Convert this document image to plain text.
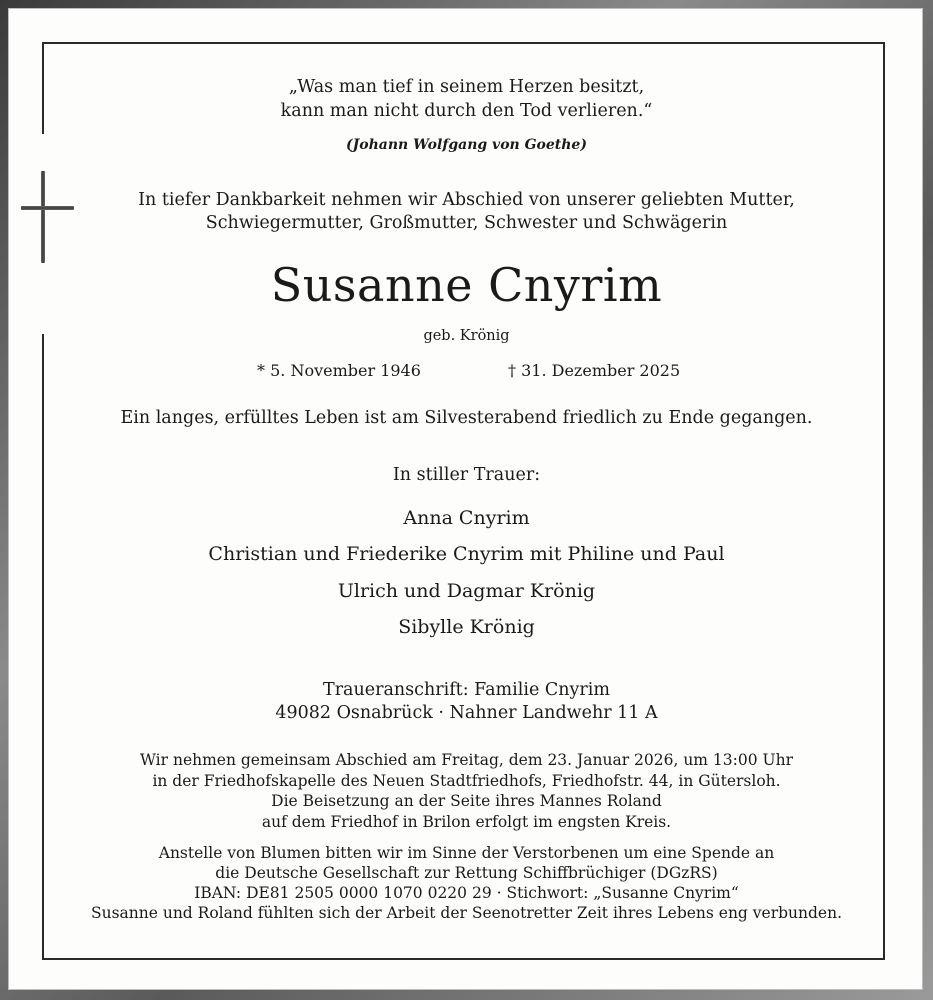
„Was man tief in seinem Herzen besitzt,
kann man nicht durch den Tod verlieren.“
(Johann Wolfgang von Goethe)
In tiefer Dankbarkeit nehmen wir Abschied von unserer geliebten Mutter,
Schwiegermutter, Großmutter, Schwester und Schwägerin
Susanne Cnyrim
geb. Krönig
* 5. November 1946	† 31. Dezember 2025
Ein langes, erfülltes Leben ist am Silvesterabend friedlich zu Ende gegangen.
In stiller Trauer:
Anna Cnyrim
Christian und Friederike Cnyrim mit Philine und Paul
Ulrich und Dagmar Krönig
Sibylle Krönig
Traueranschrift: Familie Cnyrim
49082 Osnabrück · Nahner Landwehr 11 A
Wir nehmen gemeinsam Abschied am Freitag, dem 23. Januar 2026, um 13:00 Uhr
in der Friedhofskapelle des Neuen Stadtfriedhofs, Friedhofstr. 44, in Gütersloh.
Die Beisetzung an der Seite ihres Mannes Roland
auf dem Friedhof in Brilon erfolgt im engsten Kreis.
Anstelle von Blumen bitten wir im Sinne der Verstorbenen um eine Spende an
die Deutsche Gesellschaft zur Rettung Schiffbrüchiger (DGzRS)
IBAN: DE81 2505 0000 1070 0220 29 · Stichwort: „Susanne Cnyrim“
Susanne und Roland fühlten sich der Arbeit der Seenotretter Zeit ihres Lebens eng verbunden.
